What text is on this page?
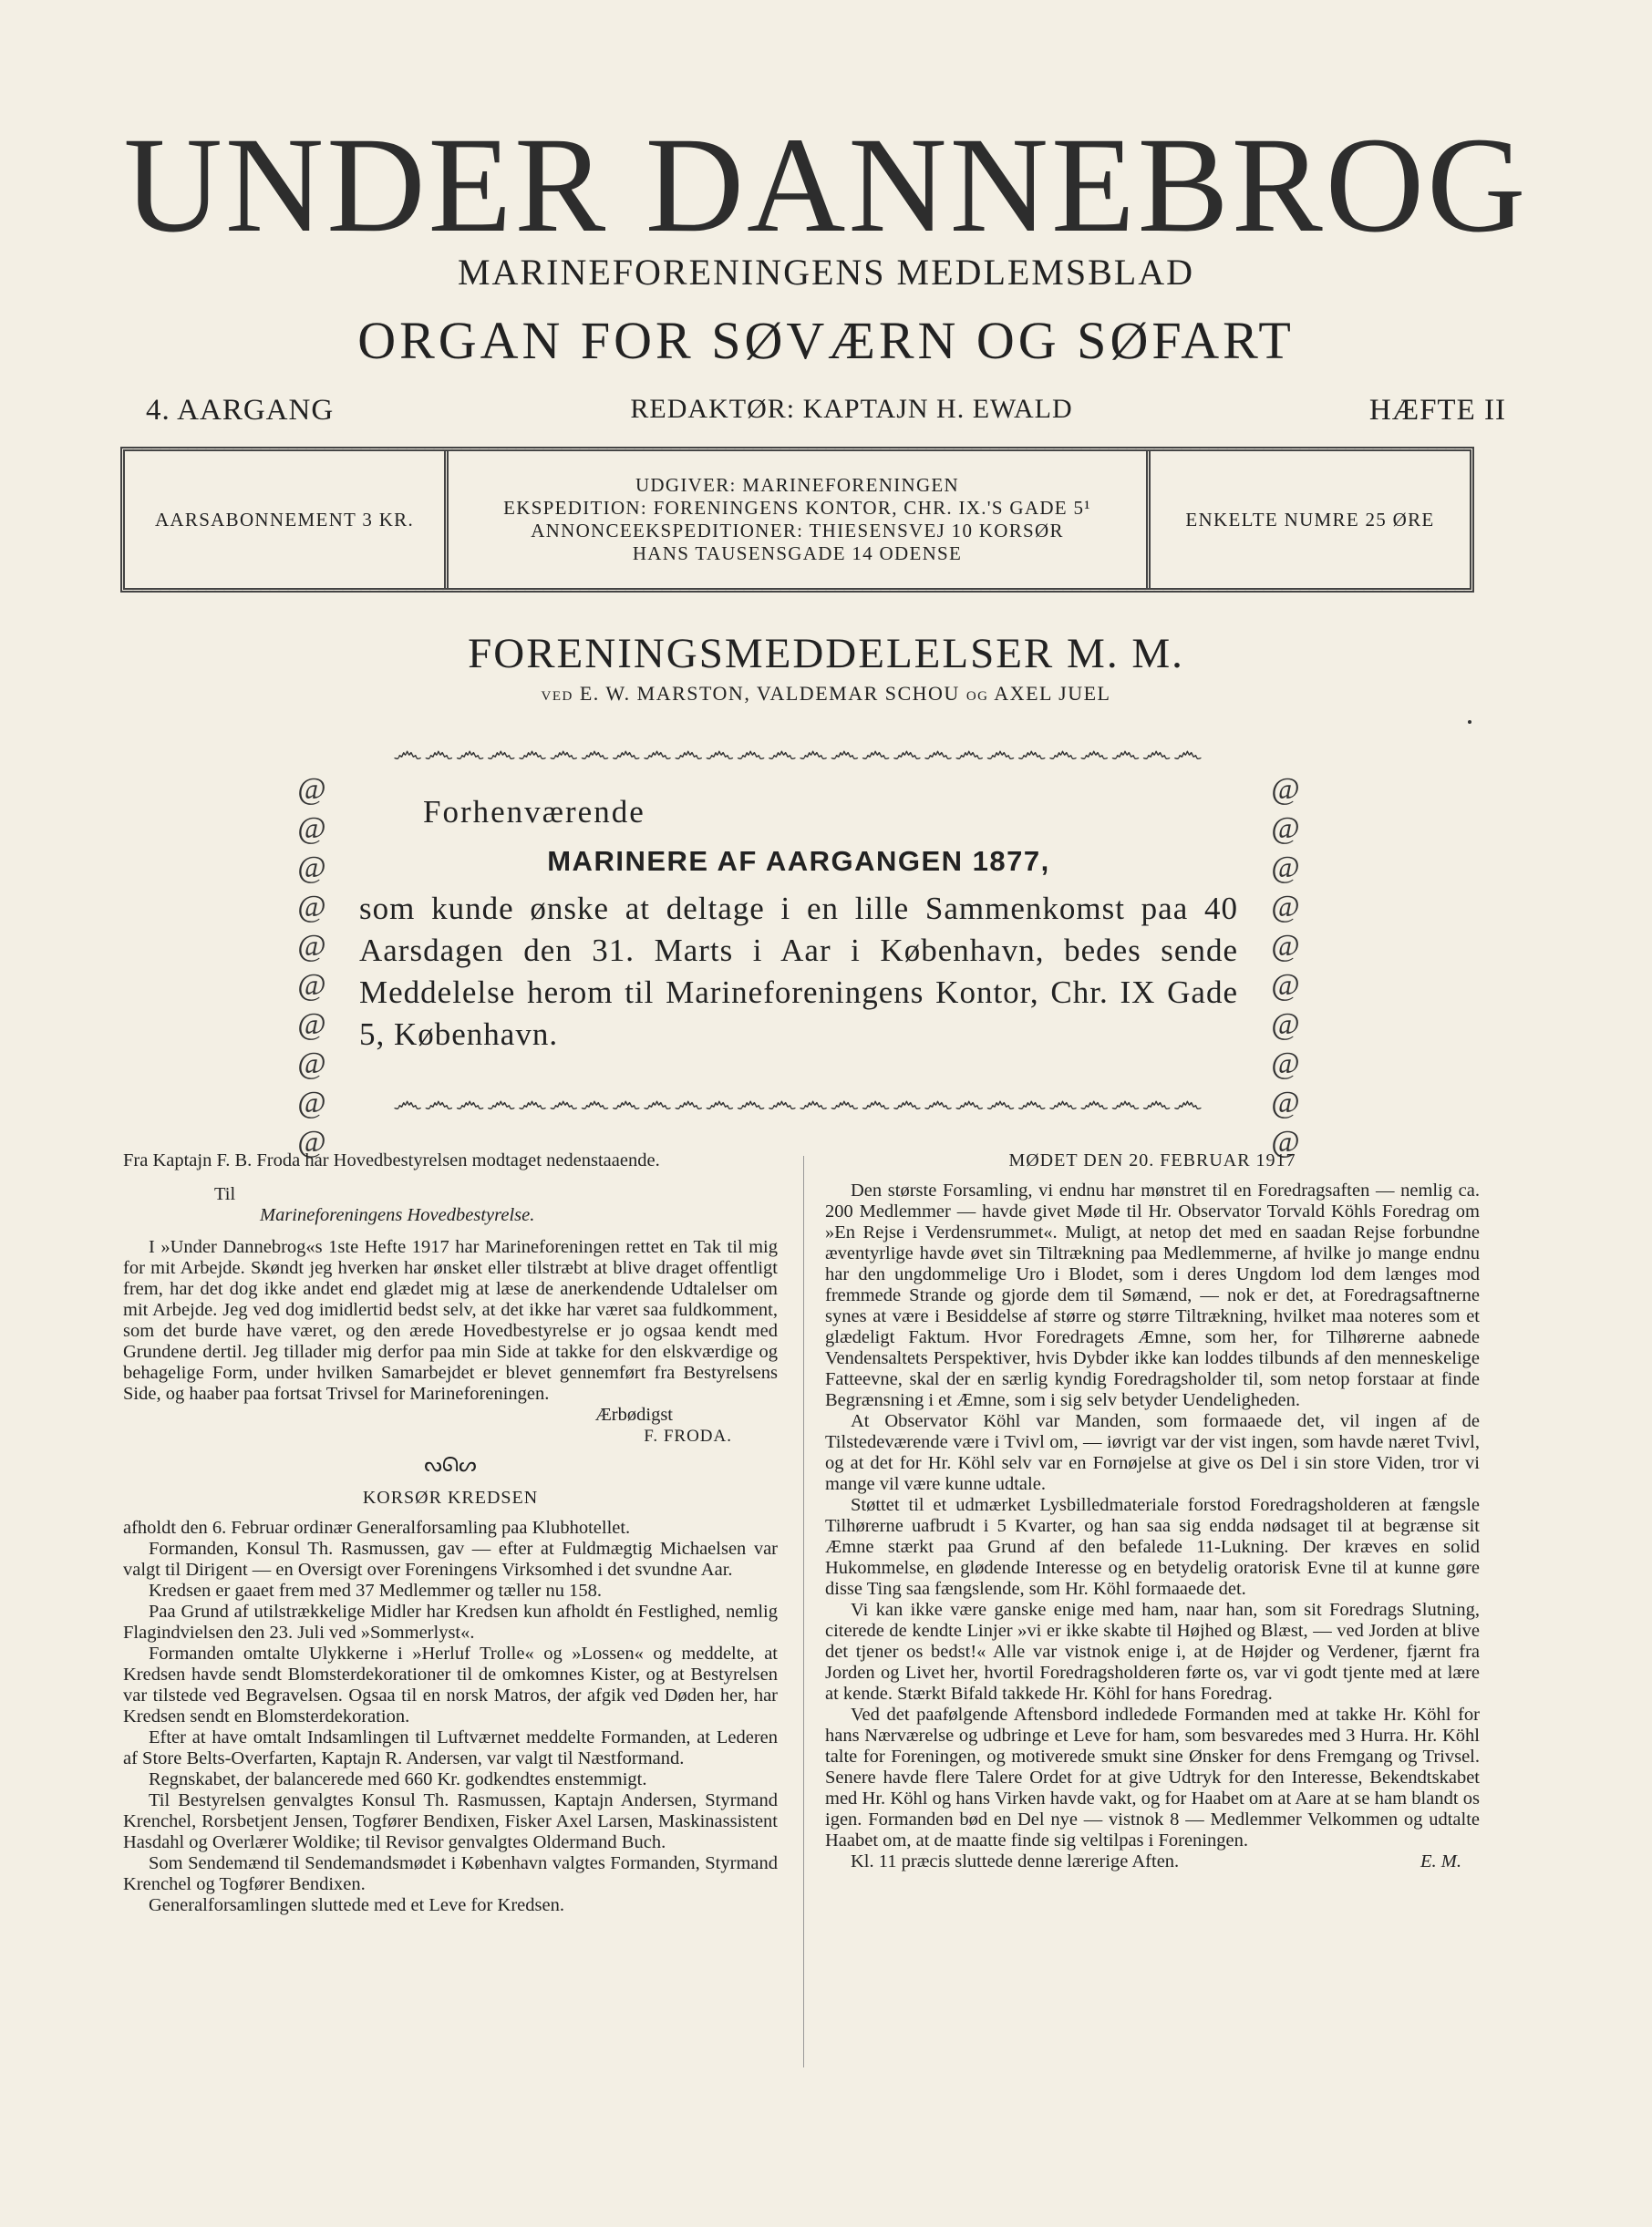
UNDER DANNEBROG
MARINEFORENINGENS MEDLEMSBLAD
ORGAN FOR SØVÆRN OG SØFART
4. AARGANG	REDAKTØR: KAPTAJN H. EWALD	HÆFTE II
AARSABONNEMENT 3 KR.
UDGIVER: MARINEFORENINGEN
EKSPEDITION: FORENINGENS KONTOR, CHR. IX.'S GADE 5¹
ANNONCEEKSPEDITIONER: THIESENSVEJ 10 KORSØR
HANS TAUSENSGADE 14 ODENSE
ENKELTE NUMRE 25 ØRE
FORENINGSMEDDELELSER M. M.
VED E. W. MARSTON, VALDEMAR SCHOU OG AXEL JUEL
෴෴෴෴෴෴෴෴෴෴෴෴෴෴෴෴෴෴෴෴෴෴෴෴෴෴
@@@@@@@@@@
@@@@@@@@@@
෴෴෴෴෴෴෴෴෴෴෴෴෴෴෴෴෴෴෴෴෴෴෴෴෴෴
Forhenværende
MARINERE AF AARGANGEN 1877,
som kunde ønske at deltage i en lille Sammenkomst paa 40 Aarsdagen den 31. Marts i Aar i København, bedes sende Meddelelse herom til Marineforeningens Kontor, Chr. IX Gade 5, København.

Fra Kaptajn F. B. Froda har Hovedbestyrelsen modtaget nedenstaaende.

Til
Marineforeningens Hovedbestyrelse.

I »Under Dannebrog«s 1ste Hefte 1917 har Marineforeningen rettet en Tak til mig for mit Arbejde. Skøndt jeg hverken har ønsket eller tilstræbt at blive draget offentligt frem, har det dog ikke andet end glædet mig at læse de anerkendende Udtalelser om mit Arbejde. Jeg ved dog imidlertid bedst selv, at det ikke har været saa fuldkomment, som det burde have været, og den ærede Hovedbestyrelse er jo ogsaa kendt med Grundene dertil. Jeg tillader mig derfor paa min Side at takke for den elskværdige og behagelige Form, under hvilken Samarbejdet er blevet gennemført fra Bestyrelsens Side, og haaber paa fortsat Trivsel for Marineforeningen.

Ærbødigst
F. FRODA.
ᔓᘏᔕ
KORSØR KREDSEN

afholdt den 6. Februar ordinær Generalforsamling paa Klubhotellet.

Formanden, Konsul Th. Rasmussen, gav — efter at Fuldmægtig Michaelsen var valgt til Dirigent — en Oversigt over Foreningens Virksomhed i det svundne Aar.

Kredsen er gaaet frem med 37 Medlemmer og tæller nu 158.

Paa Grund af utilstrækkelige Midler har Kredsen kun afholdt én Festlighed, nemlig Flagindvielsen den 23. Juli ved »Sommerlyst«.

Formanden omtalte Ulykkerne i »Herluf Trolle« og »Lossen« og meddelte, at Kredsen havde sendt Blomsterdekorationer til de omkomnes Kister, og at Bestyrelsen var tilstede ved Begravelsen. Ogsaa til en norsk Matros, der afgik ved Døden her, har Kredsen sendt en Blomsterdekoration.

Efter at have omtalt Indsamlingen til Luftværnet meddelte Formanden, at Lederen af Store Belts-Overfarten, Kaptajn R. Andersen, var valgt til Næstformand.

Regnskabet, der balancerede med 660 Kr. godkendtes enstemmigt.

Til Bestyrelsen genvalgtes Konsul Th. Rasmussen, Kaptajn Andersen, Styrmand Krenchel, Rorsbetjent Jensen, Togfører Bendixen, Fisker Axel Larsen, Maskinassistent Hasdahl og Overlærer Woldike; til Revisor genvalgtes Oldermand Buch.

Som Sendemænd til Sendemandsmødet i København valgtes Formanden, Styrmand Krenchel og Togfører Bendixen.

Generalforsamlingen sluttede med et Leve for Kredsen.

MØDET DEN 20. FEBRUAR 1917

Den største Forsamling, vi endnu har mønstret til en Foredragsaften — nemlig ca. 200 Medlemmer — havde givet Møde til Hr. Observator Torvald Köhls Foredrag om »En Rejse i Verdensrummet«. Muligt, at netop det med en saadan Rejse forbundne æventyrlige havde øvet sin Tiltrækning paa Medlemmerne, af hvilke jo mange endnu har den ungdommelige Uro i Blodet, som i deres Ungdom lod dem længes mod fremmede Strande og gjorde dem til Sømænd, — nok er det, at Foredragsaftnerne synes at være i Besiddelse af større og større Tiltrækning, hvilket maa noteres som et glædeligt Faktum. Hvor Foredragets Æmne, som her, for Tilhørerne aabnede Vendensaltets Perspektiver, hvis Dybder ikke kan loddes tilbunds af den menneskelige Fatteevne, skal der en særlig kyndig Foredragsholder til, som netop forstaar at finde Begrænsning i et Æmne, som i sig selv betyder Uendeligheden.

At Observator Köhl var Manden, som formaaede det, vil ingen af de Tilstedeværende være i Tvivl om, — iøvrigt var der vist ingen, som havde næret Tvivl, og at det for Hr. Köhl selv var en Fornøjelse at give os Del i sin store Viden, tror vi mange vil være kunne udtale.

Støttet til et udmærket Lysbilledmateriale forstod Foredragsholderen at fængsle Tilhørerne uafbrudt i 5 Kvarter, og han saa sig endda nødsaget til at begrænse sit Æmne stærkt paa Grund af den befalede 11-Lukning. Der kræves en solid Hukommelse, en glødende Interesse og en betydelig oratorisk Evne til at kunne gøre disse Ting saa fængslende, som Hr. Köhl formaaede det.

Vi kan ikke være ganske enige med ham, naar han, som sit Foredrags Slutning, citerede de kendte Linjer »vi er ikke skabte til Højhed og Blæst, — ved Jorden at blive det tjener os bedst!« Alle var vistnok enige i, at de Højder og Verdener, fjærnt fra Jorden og Livet her, hvortil Foredragsholderen førte os, var vi godt tjente med at lære at kende. Stærkt Bifald takkede Hr. Köhl for hans Foredrag.

Ved det paafølgende Aftensbord indledede Formanden med at takke Hr. Köhl for hans Nærværelse og udbringe et Leve for ham, som besvaredes med 3 Hurra. Hr. Köhl talte for Foreningen, og motiverede smukt sine Ønsker for dens Fremgang og Trivsel. Senere havde flere Talere Ordet for at give Udtryk for den Interesse, Bekendtskabet med Hr. Köhl og hans Virken havde vakt, og for Haabet om at Aare at se ham blandt os igen. Formanden bød en Del nye — vistnok 8 — Medlemmer Velkommen og udtalte Haabet om, at de maatte finde sig veltilpas i Foreningen.

Kl. 11 præcis sluttede denne lærerige Aften.	E. M.
